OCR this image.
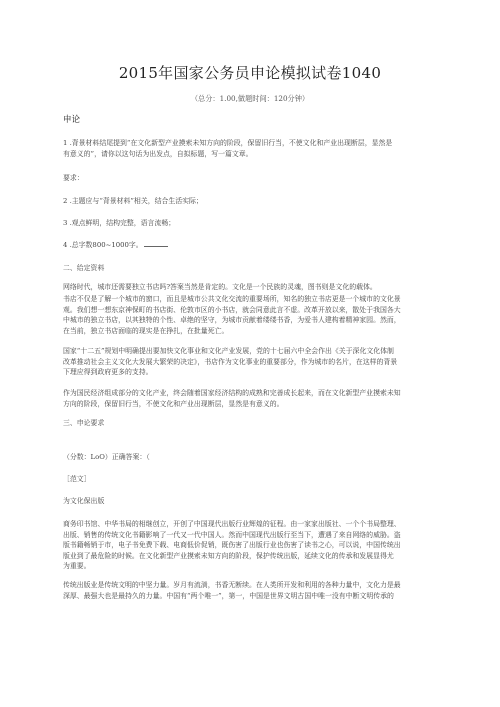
2015年国家公务员申论模拟试卷1040
（总分：1.00,做题时间：120分钟）
申论
1 .背景材料结尾提到“在文化新型产业摸索未知方向的阶段，保留旧行当，不使文化和产业出现断层，显然是
有意义的”，请你以这句话为出发点，自拟标题，写一篇文章。
要求：
2 .主题应与“背景材料”相关，结合生活实际；
3 .观点鲜明，结构完整，语言流畅；
4 .总字数800~1000字。
二、给定资料
网络时代，城市还需要独立书店吗?答案当然是肯定的。文化是一个民族的灵魂，图书则是文化的载体。
书店不仅是了解一个城市的窗口，而且是城市公共文化交流的重要场所，知名的独立书店更是一个城市的文化景
观。我们想一想东京神保町的书店街、伦敦市区的小书店，就会同意此言不虚。改革开放以来，散处于我国各大
中城市的独立书店，以其独特的个性、卓绝的坚守，为城市贡献着缕缕书香，为爱书人建构着精神家园。然而，
在当前，独立书店面临的现实是在挣扎，在批量死亡。
国家“十二五”规划中明确提出要加快文化事业和文化产业发展，党的十七届六中全会作出《关于深化文化体制
改革推动社会主义文化大发展大繁荣的决定》，书店作为文化事业的重要部分，作为城市的名片，在这样的背景
下理应得到政府更多的支持。
作为国民经济组成部分的文化产业，终会随着国家经济结构的成熟和完善成长起来，而在文化新型产业摸索未知
方向的阶段，保留旧行当，不使文化和产业出现断层，显然是有意义的。
三、申论要求
（分数：LoO）正确答案：（
［范文］
为文化保出版
商务印书馆、中华书局的相继创立，开创了中国现代出版行业辉煌的征程。由一家家出版社、一个个书局整理、
出版、销售的传统文化书籍影响了一代又一代中国人。然而中国现代出版行至当下，遭遇了来自网络的威胁。盗
版书籍畅销于市，电子书免费下载、电商低价促销，既伤害了出版行业也伤害了读书之心，可以说，中国传统出
版业到了最危险的时候。在文化新型产业摸索未知方向的阶段，保护传统出版，延续文化的传承和发展显得尤
为重要。
传统出版业是传统文明的中坚力量。岁月有流淌，书香无断续。在人类所开发和利用的各种力量中，文化力是最
深厚、最强大也是最持久的力量。中国有“两个唯一”，第一，中国是世界文明古国中唯一没有中断文明传承的
